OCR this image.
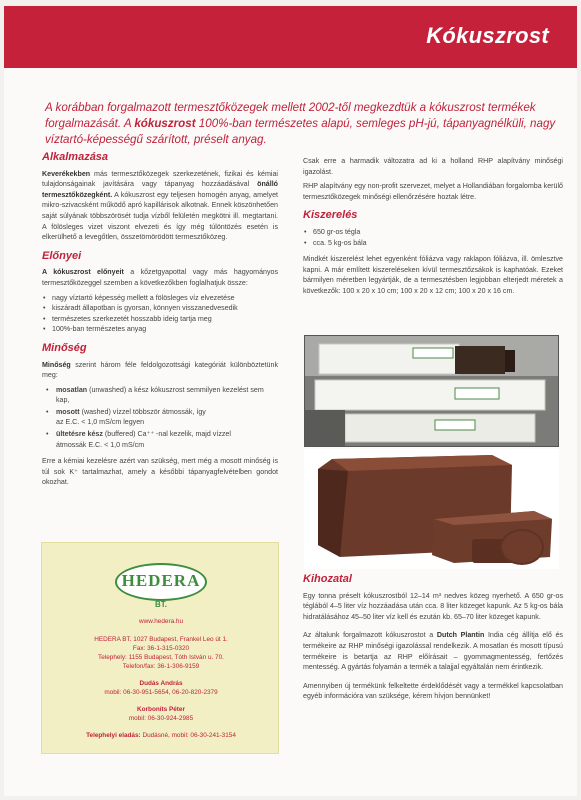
Kókuszrost
A korábban forgalmazott termesztőközegek mellett 2002-től megkezdtük a kókuszrost termékek forgalmazását. A kókuszrost 100%-ban természetes alapú, semleges pH-jú, tápanyagnélküli, nagy víztartó-képességű szárított, préselt anyag.
Alkalmazása

Keverékekben más termesztőközegek szerkezetének, fizikai és kémiai tulajdonságainak javítására vagy tápanyag hozzáadásával önálló termesztőközegként. A kókuszrost egy teljesen homogén anyag, amelyet mikro-szivacsként működő apró kapillárisok alkotnak. Ennek köszönhetően saját súlyának többszörösét tudja vízből felületén megkötni ill. megtartani. A fölösleges vizet viszont elvezeti és így még túlöntözés esetén is elkerülhető a levegőtlen, összetömörödött termesztőközeg.

Előnyei

A kókuszrost előnyeit a kőzetgyapottal vagy más hagyományos termesztőközeggel szemben a következőkben foglalhatjuk össze:

• nagy víztartó képesség mellett a fölösleges víz elvezetése
• kiszáradt állapotban is gyorsan, könnyen visszanedvesedik
• természetes szerkezetét hosszabb ideig tartja meg
• 100%-ban természetes anyag
Minőség

Minőség szerint három féle feldolgozottsági kategóriát különböztetünk meg:

• mosatlan (unwashed) a kész kókuszrost semmilyen kezelést sem kap,
• mosott (washed) vízzel többször átmossák, így
az E.C. < 1,0 mS/cm legyen
• ültetésre kész (buffered) Ca⁺⁺ -nal kezelik, majd vízzel
átmossák E.C. < 1,0 mS/cm

Erre a kémiai kezelésre azért van szükség, mert még a mosott minőség is túl sok K⁺ tartalmazhat, amely a későbbi tápanyagfelvételben gondot okozhat.

HEDERA
BT.
www.hedera.hu
HEDERA BT. 1027 Budapest, Frankel Leo út 1.
Fax: 36-1-315-0320
Telephely: 1155 Budapest, Tóth István u. 70.
Telefon/fax: 36-1-306-9159
Dudás András
mobil: 06-30-951-5654, 06-20-820-2379
Korbonits Péter
mobil: 06-30-924-2985
Telephelyi eladás: Dudásné, mobil: 06-30-241-3154

Csak erre a harmadik változatra ad ki a holland RHP alapítvány minőségi igazolást.

RHP alapítvány egy non-profit szervezet, melyet a Hollandiában forgalomba kerülő termesztőközegek minőségi ellenőrzésére hoztak létre.

Kiszerelés
• 650 gr-os tégla
• cca. 5 kg-os bála

Mindkét kiszerelést lehet egyenként fóliázva vagy raklapon fóliázva, ill. ömlesztve kapni. A már említett kiszereléseken kívül termesztőzsákok is kaphatóak. Ezeket bármilyen méretben legyártják, de a termesztésben legjobban elterjedt méretek a következők: 100 x 20 x 10 cm; 100 x 20 x 12 cm; 100 x 20 x 16 cm.

Kihozatal

Egy tonna préselt kókuszrostból 12–14 m³ nedves közeg nyerhető. A 650 gr-os téglából 4–5 liter víz hozzáadása után cca. 8 liter közeget kapunk. Az 5 kg-os bála hidratálásához 45–50 liter víz kell és ezután kb. 65–70 liter közeget kapunk.

Az általunk forgalmazott kókuszrostot a Dutch Plantin India cég állítja elő és termékeire az RHP minőségi igazolással rendelkezik. A mosatlan és mosott típusú termékeire is betartja az RHP előírásait – gyommagmentesség, fertőzés mentesség. A gyártás folyamán a termék a talajjal egyáltalán nem érintkezik.

Amennyiben új termékünk felkeltette érdeklődését vagy a termékkel kapcsolatban egyéb információra van szüksége, kérem hívjon bennünket!
